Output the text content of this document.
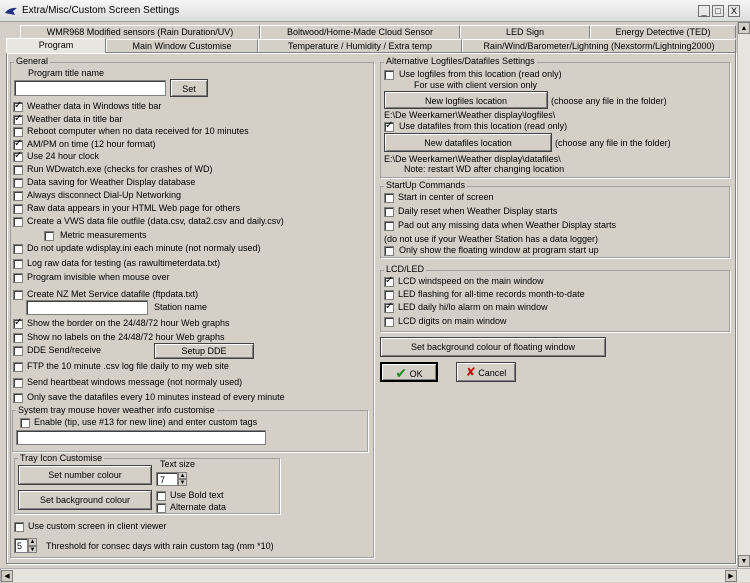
Extra/Misc/Custom Screen Settings	_ □	X
WMR968 Modified sensors (Rain Duration/UV)	Boltwood/Home-Made Cloud Sensor	LED Sign	Energy Detective (TED)
Program	Main Window Customise	Temperature / Humidity / Extra temp	Rain/Wind/Barometer/Lightning (Nexstorm/Lightning2000)
▲
▼
◀	▶
General
Program title name
Set
✓
Weather data in Windows title bar
✓
Weather data in title bar
Reboot computer when no data received for 10 minutes
✓
AM/PM on time (12 hour format)
✓
Use 24 hour clock
Run WDwatch.exe (checks for crashes of WD)
Data saving for Weather Display database
Always disconnect Dial-Up Networking
Raw data appears in your HTML Web page for others
Create a VWS data file outfile (data.csv, data2.csv and daily.csv)
Do not update wdisplay.ini each minute (not normaly used)
Log raw data for testing (as rawultimeterdata.txt)
Program invisible when mouse over
Create NZ Met Service datafile (ftpdata.txt)
✓
Show the border on the 24/48/72 hour Web graphs
Show no labels on the 24/48/72 hour Web graphs
DDE Send/receive
FTP the 10 minute .csv log file daily to my web site
Send heartbeat windows message (not normaly used)
Only save the datafiles every 10 minutes instead of every minute
Metric measurements
Station name
Setup DDE
System tray mouse hover weather info customise
Enable (tip, use #13 for new line) and enter custom tags
Tray Icon Customise
Set number colour
Set background colour
Text size
7	▲
▼
Use Bold text
Alternate data
Use custom screen in client viewer
5	▲
▼ Threshold for consec days with rain custom tag (mm *10)
Alternative Logfiles/Datafiles Settings
Use logfiles from this location (read only)
For use with client version only
New logfiles location	(choose any file in the folder)
E:\De Weerkamer\Weather display\logfiles\
✓
Use datafiles from this location (read only)
New datafiles location	(choose any file in the folder)
E:\De Weerkamer\Weather display\datafiles\
Note: restart WD after changing location
StartUp Commands
Start in center of screen
Daily reset when Weather Display starts
Pad out any missing data when Weather Display starts
(do not use if your Weather Station has a data logger)
Only show the floating window at program start up
LCD/LED
✓
LCD windspeed on the main window
LED flashing for all-time records month-to-date
✓
LED daily hi/lo alarm on main window
LCD digits on main window
Set background colour of floating window
✔ OK	✘ Cancel
